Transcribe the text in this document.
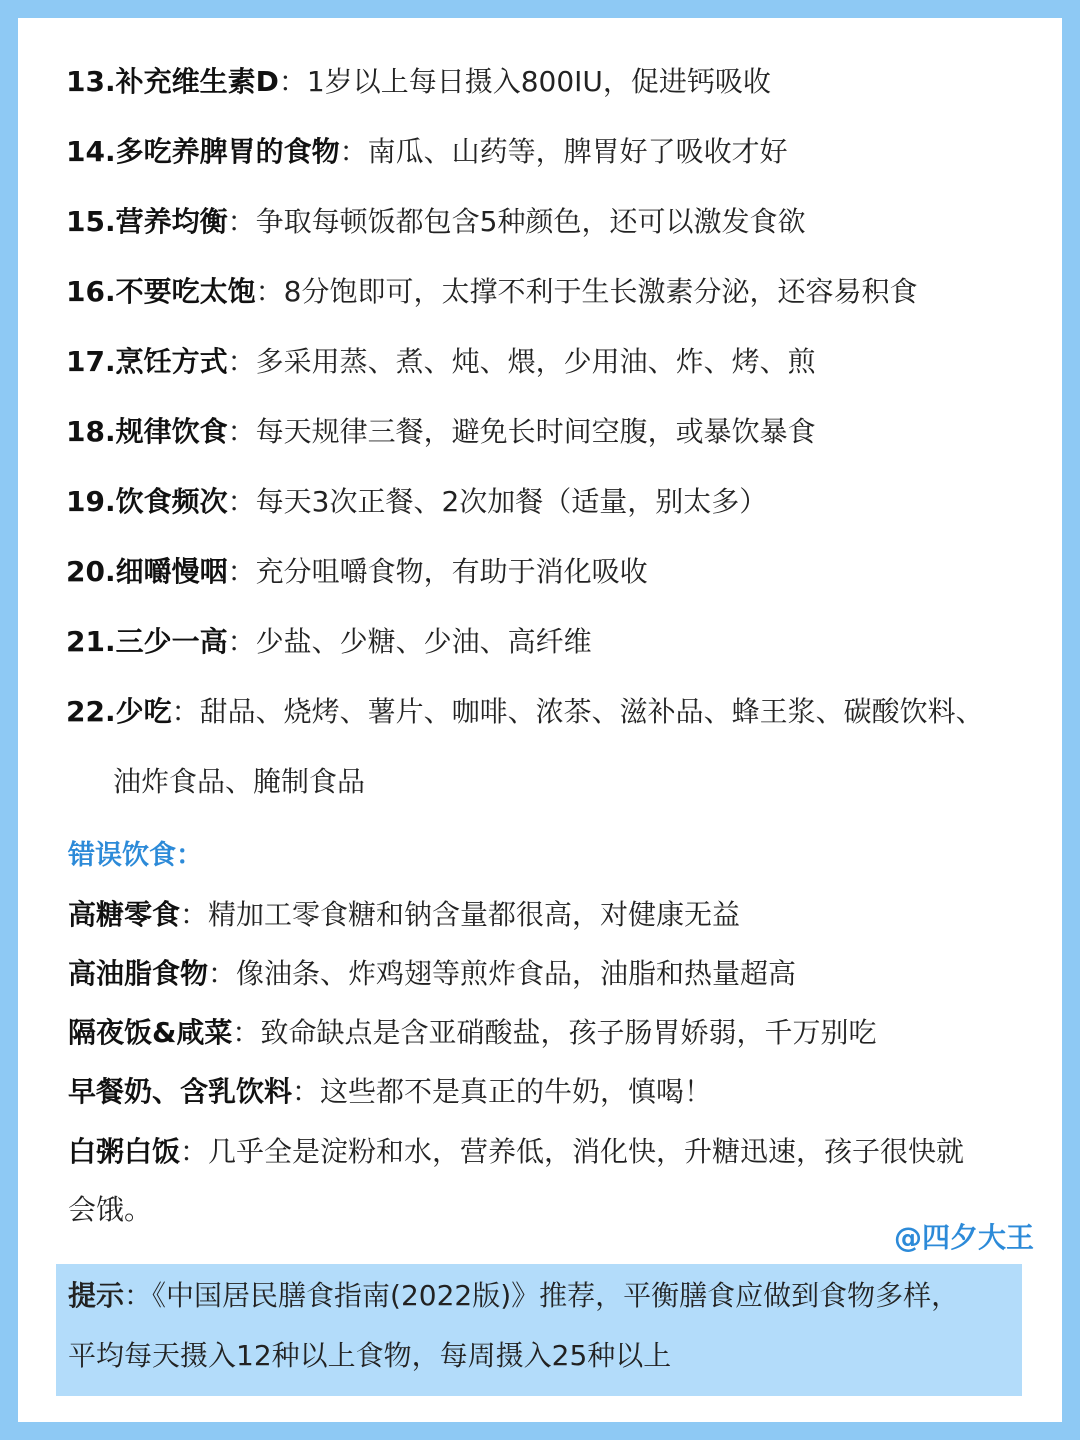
13.补充维生素D：1岁以上每日摄入800IU，促进钙吸收
14.多吃养脾胃的食物：南瓜、山药等，脾胃好了吸收才好
15.营养均衡：争取每顿饭都包含5种颜色，还可以激发食欲
16.不要吃太饱：8分饱即可，太撑不利于生长激素分泌，还容易积食
17.烹饪方式：多采用蒸、煮、炖、煨，少用油、炸、烤、煎
18.规律饮食：每天规律三餐，避免长时间空腹，或暴饮暴食
19.饮食频次：每天3次正餐、2次加餐（适量，别太多）
20.细嚼慢咽：充分咀嚼食物，有助于消化吸收
21.三少一高：少盐、少糖、少油、高纤维
22.少吃：甜品、烧烤、薯片、咖啡、浓茶、滋补品、蜂王浆、碳酸饮料、
油炸食品、腌制食品
错误饮食：
高糖零食：精加工零食糖和钠含量都很高，对健康无益
高油脂食物：像油条、炸鸡翅等煎炸食品，油脂和热量超高
隔夜饭&咸菜：致命缺点是含亚硝酸盐，孩子肠胃娇弱，千万别吃
早餐奶、含乳饮料：这些都不是真正的牛奶，慎喝！
白粥白饭：几乎全是淀粉和水，营养低，消化快，升糖迅速，孩子很快就
会饿。
@四夕大王
提示：《中国居民膳食指南(2022版)》推荐，平衡膳食应做到食物多样，
平均每天摄入12种以上食物，每周摄入25种以上
